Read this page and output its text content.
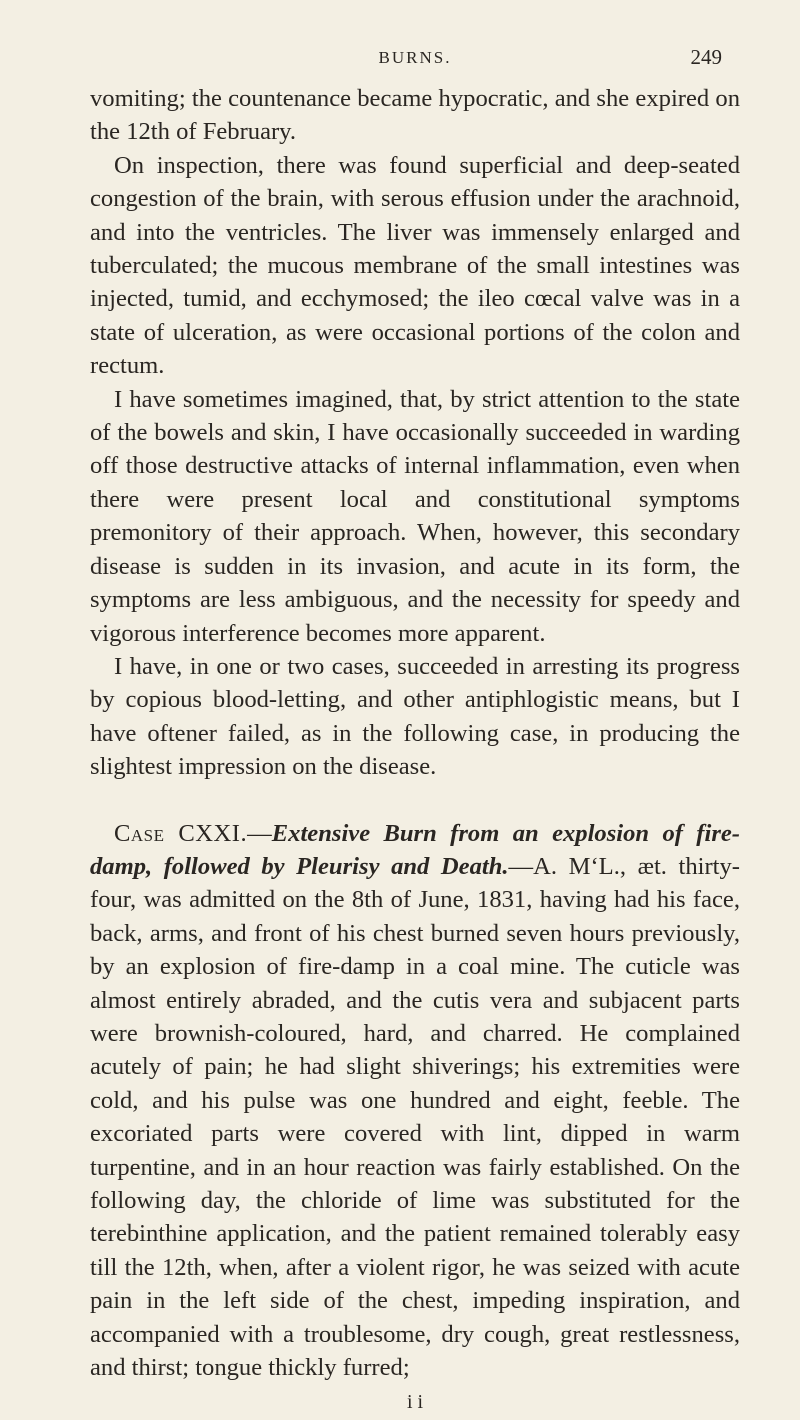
BURNS.	249

vomiting; the countenance became hypocratic, and she expired on the 12th of February.

On inspection, there was found superficial and deep-seated congestion of the brain, with serous effusion under the arachnoid, and into the ventricles. The liver was immensely enlarged and tuberculated; the mucous membrane of the small intestines was injected, tumid, and ecchymosed; the ileo cœcal valve was in a state of ulceration, as were occasional portions of the colon and rectum.

I have sometimes imagined, that, by strict attention to the state of the bowels and skin, I have occasionally succeeded in warding off those destructive attacks of internal inflammation, even when there were present local and constitutional symptoms premonitory of their approach. When, however, this secondary disease is sudden in its invasion, and acute in its form, the symptoms are less ambiguous, and the necessity for speedy and vigorous interference becomes more apparent.

I have, in one or two cases, succeeded in arresting its progress by copious blood-letting, and other antiphlogistic means, but I have oftener failed, as in the following case, in producing the slightest impression on the disease.

Case CXXI.—Extensive Burn from an explosion of fire-damp, followed by Pleurisy and Death.—A. M‘L., æt. thirty-four, was admitted on the 8th of June, 1831, having had his face, back, arms, and front of his chest burned seven hours previously, by an explosion of fire-damp in a coal mine. The cuticle was almost entirely abraded, and the cutis vera and subjacent parts were brownish-coloured, hard, and charred. He complained acutely of pain; he had slight shiverings; his extremities were cold, and his pulse was one hundred and eight, feeble. The excoriated parts were covered with lint, dipped in warm turpentine, and in an hour reaction was fairly established. On the following day, the chloride of lime was substituted for the terebinthine application, and the patient remained tolerably easy till the 12th, when, after a violent rigor, he was seized with acute pain in the left side of the chest, impeding inspiration, and accompanied with a troublesome, dry cough, great restlessness, and thirst; tongue thickly furred;

i i
